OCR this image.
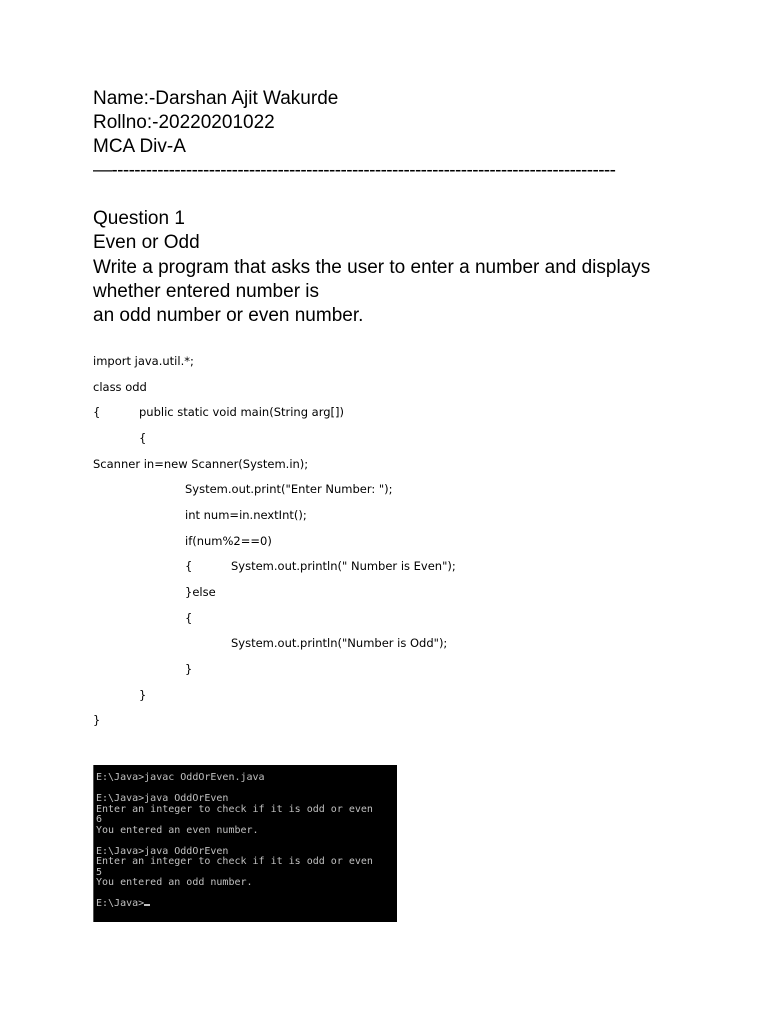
Name:-Darshan Ajit Wakurde
Rollno:-20220201022
MCA Div-A
—----------------------------------------------------------------------------------------
Question 1
Even or Odd
Write a program that asks the user to enter a number and displays
whether entered number is
an odd number or even number.
import java.util.*;
class odd
{	public static void main(String arg[])
{
Scanner in=new Scanner(System.in);
System.out.print("Enter Number: ");
int num=in.nextInt();
if(num%2==0)
{	System.out.println(" Number is Even");
}else
{
System.out.println("Number is Odd");
}
}
}
E:\Java>javac OddOrEven.java
E:\Java>java OddOrEven
Enter an integer to check if it is odd or even
6
You entered an even number.
E:\Java>java OddOrEven
Enter an integer to check if it is odd or even
5
You entered an odd number.
E:\Java>
